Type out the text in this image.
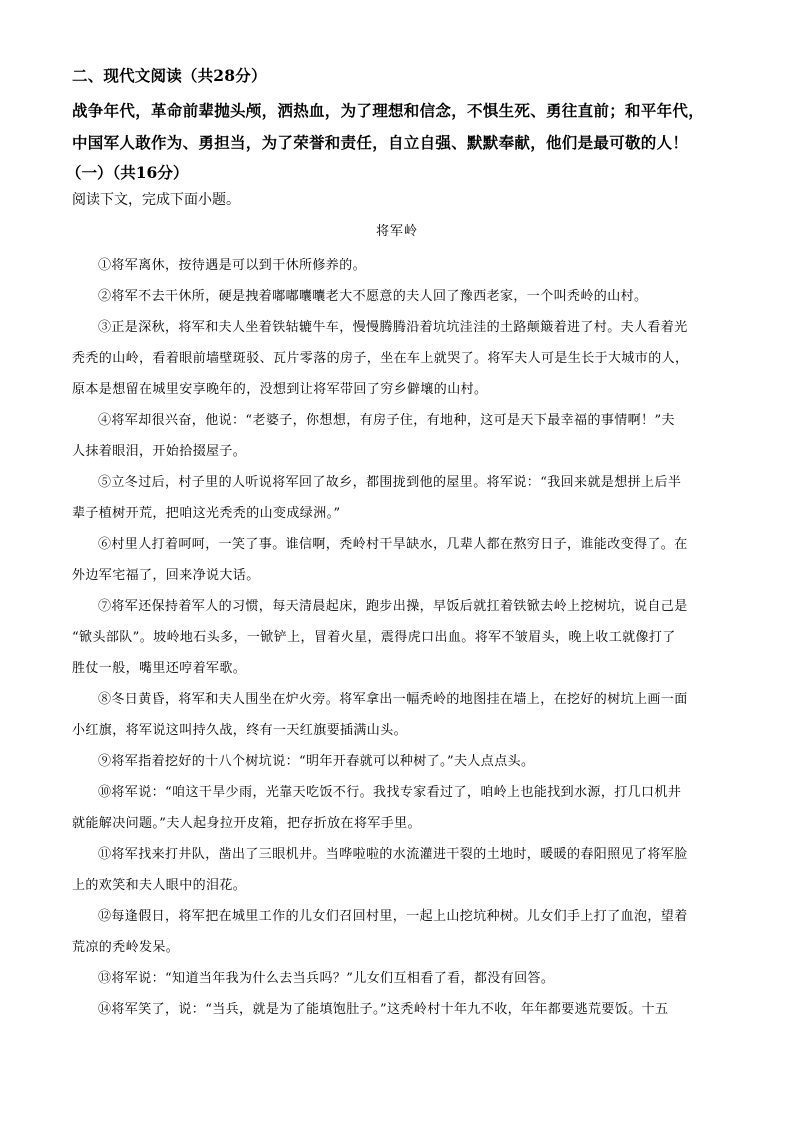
二、现代文阅读（共28分）

战争年代，革命前辈抛头颅，洒热血，为了理想和信念，不惧生死、勇往直前；和平年代，

中国军人敢作为、勇担当，为了荣誉和责任，自立自强、默默奉献，他们是最可敬的人！

（一）（共16分）
阅读下文，完成下面小题。
将军岭
①将军离休，按待遇是可以到干休所修养的。
②将军不去干休所，硬是拽着嘟嘟囔囔老大不愿意的夫人回了豫西老家，一个叫秃岭的山村。
③正是深秋，将军和夫人坐着铁轱辘牛车，慢慢腾腾沿着坑坑洼洼的土路颠簸着进了村。夫人看着光
秃秃的山岭，看着眼前墙壁斑驳、瓦片零落的房子，坐在车上就哭了。将军夫人可是生长于大城市的人，
原本是想留在城里安享晚年的，没想到让将军带回了穷乡僻壤的山村。
④将军却很兴奋，他说：“老婆子，你想想，有房子住，有地种，这可是天下最幸福的事情啊！”夫
人抹着眼泪，开始拾掇屋子。
⑤立冬过后，村子里的人听说将军回了故乡，都围拢到他的屋里。将军说：“我回来就是想拼上后半
辈子植树开荒，把咱这光秃秃的山变成绿洲。”
⑥村里人打着呵呵，一笑了事。谁信啊，秃岭村干旱缺水，几辈人都在熬穷日子，谁能改变得了。在
外边军宅福了，回来净说大话。
⑦将军还保持着军人的习惯，每天清晨起床，跑步出操，早饭后就扛着铁锨去岭上挖树坑，说自己是
“锨头部队”。坡岭地石头多，一锨铲上，冒着火星，震得虎口出血。将军不皱眉头，晚上收工就像打了
胜仗一般，嘴里还哼着军歌。
⑧冬日黄昏，将军和夫人围坐在炉火旁。将军拿出一幅秃岭的地图挂在墙上，在挖好的树坑上画一面
小红旗，将军说这叫持久战，终有一天红旗要插满山头。
⑨将军指着挖好的十八个树坑说：“明年开春就可以种树了。”夫人点点头。
⑩将军说：“咱这干旱少雨，光靠天吃饭不行。我找专家看过了，咱岭上也能找到水源，打几口机井
就能解决问题。”夫人起身拉开皮箱，把存折放在将军手里。
⑪将军找来打井队，凿出了三眼机井。当哗啦啦的水流灌进干裂的土地时，暖暖的春阳照见了将军脸
上的欢笑和夫人眼中的泪花。
⑫每逢假日，将军把在城里工作的儿女们召回村里，一起上山挖坑种树。儿女们手上打了血泡，望着
荒凉的秃岭发呆。
⑬将军说：“知道当年我为什么去当兵吗？”儿女们互相看了看，都没有回答。
⑭将军笑了，说：“当兵，就是为了能填饱肚子。”这秃岭村十年九不收，年年都要逃荒要饭。十五
